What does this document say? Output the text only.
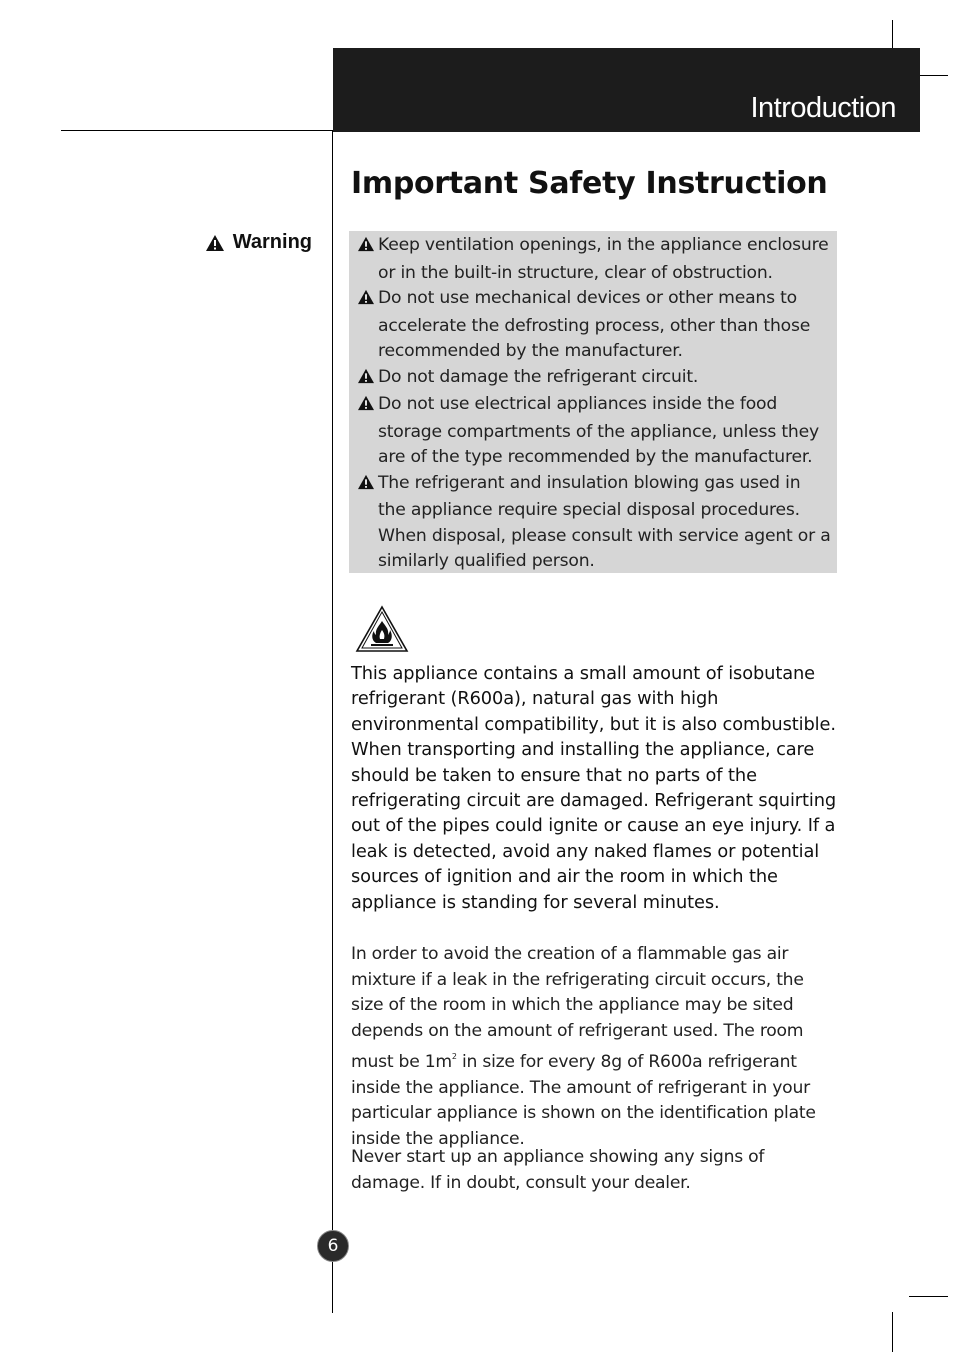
Introduction
Important Safety Instruction
Warning	Keep ventilation openings, in the appliance enclosure or in the built-in structure, clear of obstruction.
Do not use mechanical devices or other means to accelerate the defrosting process, other than those recommended by the manufacturer.
Do not damage the refrigerant circuit.
Do not use electrical appliances inside the food storage compartments of the appliance, unless they are of the type recommended by the manufacturer.
The refrigerant and insulation blowing gas used in the appliance require special disposal procedures. When disposal, please consult with service agent or a similarly qualified person.
This appliance contains a small amount of isobutane refrigerant (R600a), natural gas with high environmental compatibility, but it is also combustible. When transporting and installing the appliance, care should be taken to ensure that no parts of the refrigerating circuit are damaged. Refrigerant squirting out of the pipes could ignite or cause an eye injury. If a leak is detected, avoid any naked flames or potential sources of ignition and air the room in which the appliance is standing for several minutes.
In order to avoid the creation of a flammable gas air mixture if a leak in the refrigerating circuit occurs, the size of the room in which the appliance may be sited depends on the amount of refrigerant used. The room must be $1m^2$ in size for every 8g of R600a refrigerant inside the appliance. The amount of refrigerant in your particular appliance is shown on the identification plate inside the appliance.
Never start up an appliance showing any signs of damage. If in doubt, consult your dealer.
6
